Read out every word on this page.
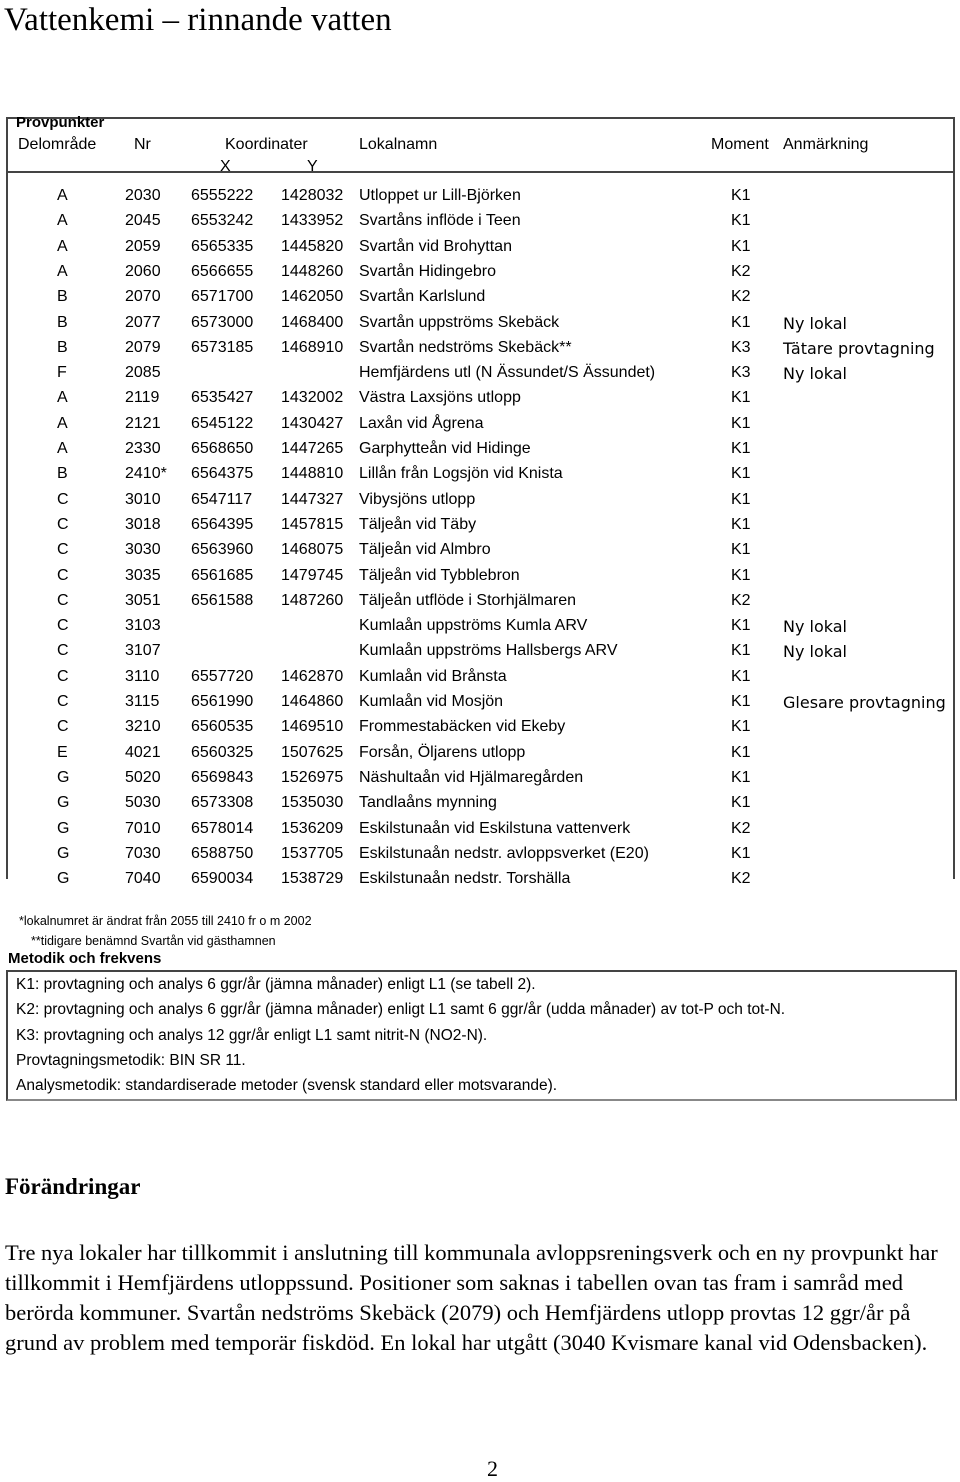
Vattenkemi – rinnande vatten
Provpunkter
Delområde Nr	Koordinater	Lokalnamn	Moment Anmärkning
X	Y
A	2030 6555222 1428032 Utloppet ur Lill-Björken	K1
A	2045 6553242 1433952 Svartåns inflöde i Teen	K1
A	2059 6565335 1445820 Svartån vid Brohyttan	K1
A	2060 6566655 1448260 Svartån Hidingebro	K2
B	2070 6571700 1462050 Svartån Karlslund	K2
B	2077 6573000 1468400 Svartån uppströms Skebäck	K1 Ny lokal
B	2079 6573185 1468910 Svartån nedströms Skebäck**	K3 Tätare provtagning
F	2085	Hemfjärdens utl (N Ässundet/S Ässundet)	K3 Ny lokal
A	2119 6535427 1432002 Västra Laxsjöns utlopp	K1
A	2121 6545122 1430427 Laxån vid Ågrena	K1
A	2330 6568650 1447265 Garphytteån vid Hidinge	K1
B	2410* 6564375 1448810 Lillån från Logsjön vid Knista	K1
C	3010 6547117 1447327 Vibysjöns utlopp	K1
C	3018 6564395 1457815 Täljeån vid Täby	K1
C	3030 6563960 1468075 Täljeån vid Almbro	K1
C	3035 6561685 1479745 Täljeån vid Tybblebron	K1
C	3051 6561588 1487260 Täljeån utflöde i Storhjälmaren	K2
C	3103	Kumlaån uppströms Kumla ARV	K1 Ny lokal
C	3107	Kumlaån uppströms Hallsbergs ARV	K1 Ny lokal
C	3110 6557720 1462870 Kumlaån vid Brånsta	K1
C	3115 6561990 1464860 Kumlaån vid Mosjön	K1 Glesare provtagning
C	3210 6560535 1469510 Frommestabäcken vid Ekeby	K1
E	4021 6560325 1507625 Forsån, Öljarens utlopp	K1
G	5020 6569843 1526975 Näshultaån vid Hjälmaregården	K1
G	5030 6573308 1535030 Tandlaåns mynning	K1
G	7010 6578014 1536209 Eskilstunaån vid Eskilstuna vattenverk	K2
G	7030 6588750 1537705 Eskilstunaån nedstr. avloppsverket (E20)	K1
G	7040 6590034 1538729 Eskilstunaån nedstr. Torshälla	K2
*lokalnumret är ändrat från 2055 till 2410 fr o m 2002
**tidigare benämnd Svartån vid gästhamnen
Metodik och frekvens
K1: provtagning och analys 6 ggr/år (jämna månader) enligt L1 (se tabell 2).
K2: provtagning och analys 6 ggr/år (jämna månader) enligt L1 samt 6 ggr/år (udda månader) av tot-P och tot-N.
K3: provtagning och analys 12 ggr/år enligt L1 samt nitrit-N (NO2-N).
Provtagningsmetodik: BIN SR 11.
Analysmetodik: standardiserade metoder (svensk standard eller motsvarande).
Förändringar
Tre nya lokaler har tillkommit i anslutning till kommunala avloppsreningsverk och en ny provpunkt har tillkommit i Hemfjärdens utloppssund. Positioner som saknas i tabellen ovan tas fram i samråd med berörda kommuner. Svartån nedströms Skebäck (2079) och Hemfjärdens utlopp provtas 12 ggr/år på grund av problem med temporär fiskdöd. En lokal har utgått (3040 Kvismare kanal vid Odensbacken).
2
